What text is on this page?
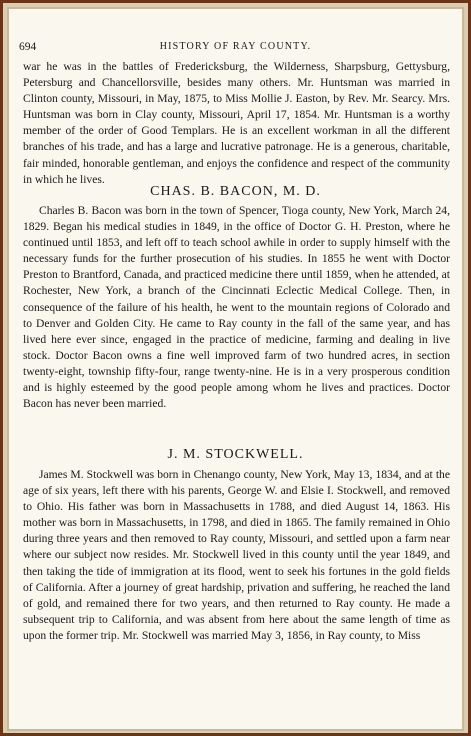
694	HISTORY OF RAY COUNTY.

war he was in the battles of Fredericksburg, the Wilderness, Sharpsburg, Gettysburg, Petersburg and Chancellorsville, besides many others. Mr. Huntsman was married in Clinton county, Missouri, in May, 1875, to Miss Mollie J. Easton, by Rev. Mr. Searcy. Mrs. Huntsman was born in Clay county, Missouri, April 17, 1854. Mr. Huntsman is a worthy member of the order of Good Templars. He is an excellent workman in all the different branches of his trade, and has a large and lucrative patronage. He is a generous, charitable, fair minded, honorable gentleman, and enjoys the confidence and respect of the community in which he lives.

CHAS. B. BACON, M. D.

Charles B. Bacon was born in the town of Spencer, Tioga county, New York, March 24, 1829. Began his medical studies in 1849, in the office of Doctor G. H. Preston, where he continued until 1853, and left off to teach school awhile in order to supply himself with the necessary funds for the further prosecution of his studies. In 1855 he went with Doctor Preston to Brantford, Canada, and practiced medicine there until 1859, when he attended, at Rochester, New York, a branch of the Cincinnati Eclectic Medical College. Then, in consequence of the failure of his health, he went to the mountain regions of Colorado and to Denver and Golden City. He came to Ray county in the fall of the same year, and has lived here ever since, engaged in the practice of medicine, farming and dealing in live stock. Doctor Bacon owns a fine well improved farm of two hundred acres, in section twenty-eight, township fifty-four, range twenty-nine. He is in a very prosperous condition and is highly esteemed by the good people among whom he lives and practices. Doctor Bacon has never been married.

J. M. STOCKWELL.

James M. Stockwell was born in Chenango county, New York, May 13, 1834, and at the age of six years, left there with his parents, George W. and Elsie I. Stockwell, and removed to Ohio. His father was born in Massachusetts in 1788, and died August 14, 1863. His mother was born in Massachusetts, in 1798, and died in 1865. The family remained in Ohio during three years and then removed to Ray county, Missouri, and settled upon a farm near where our subject now resides. Mr. Stockwell lived in this county until the year 1849, and then taking the tide of immigration at its flood, went to seek his fortunes in the gold fields of California. After a journey of great hardship, privation and suffering, he reached the land of gold, and remained there for two years, and then returned to Ray county. He made a subsequent trip to California, and was absent from here about the same length of time as upon the former trip. Mr. Stockwell was married May 3, 1856, in Ray county, to Miss
